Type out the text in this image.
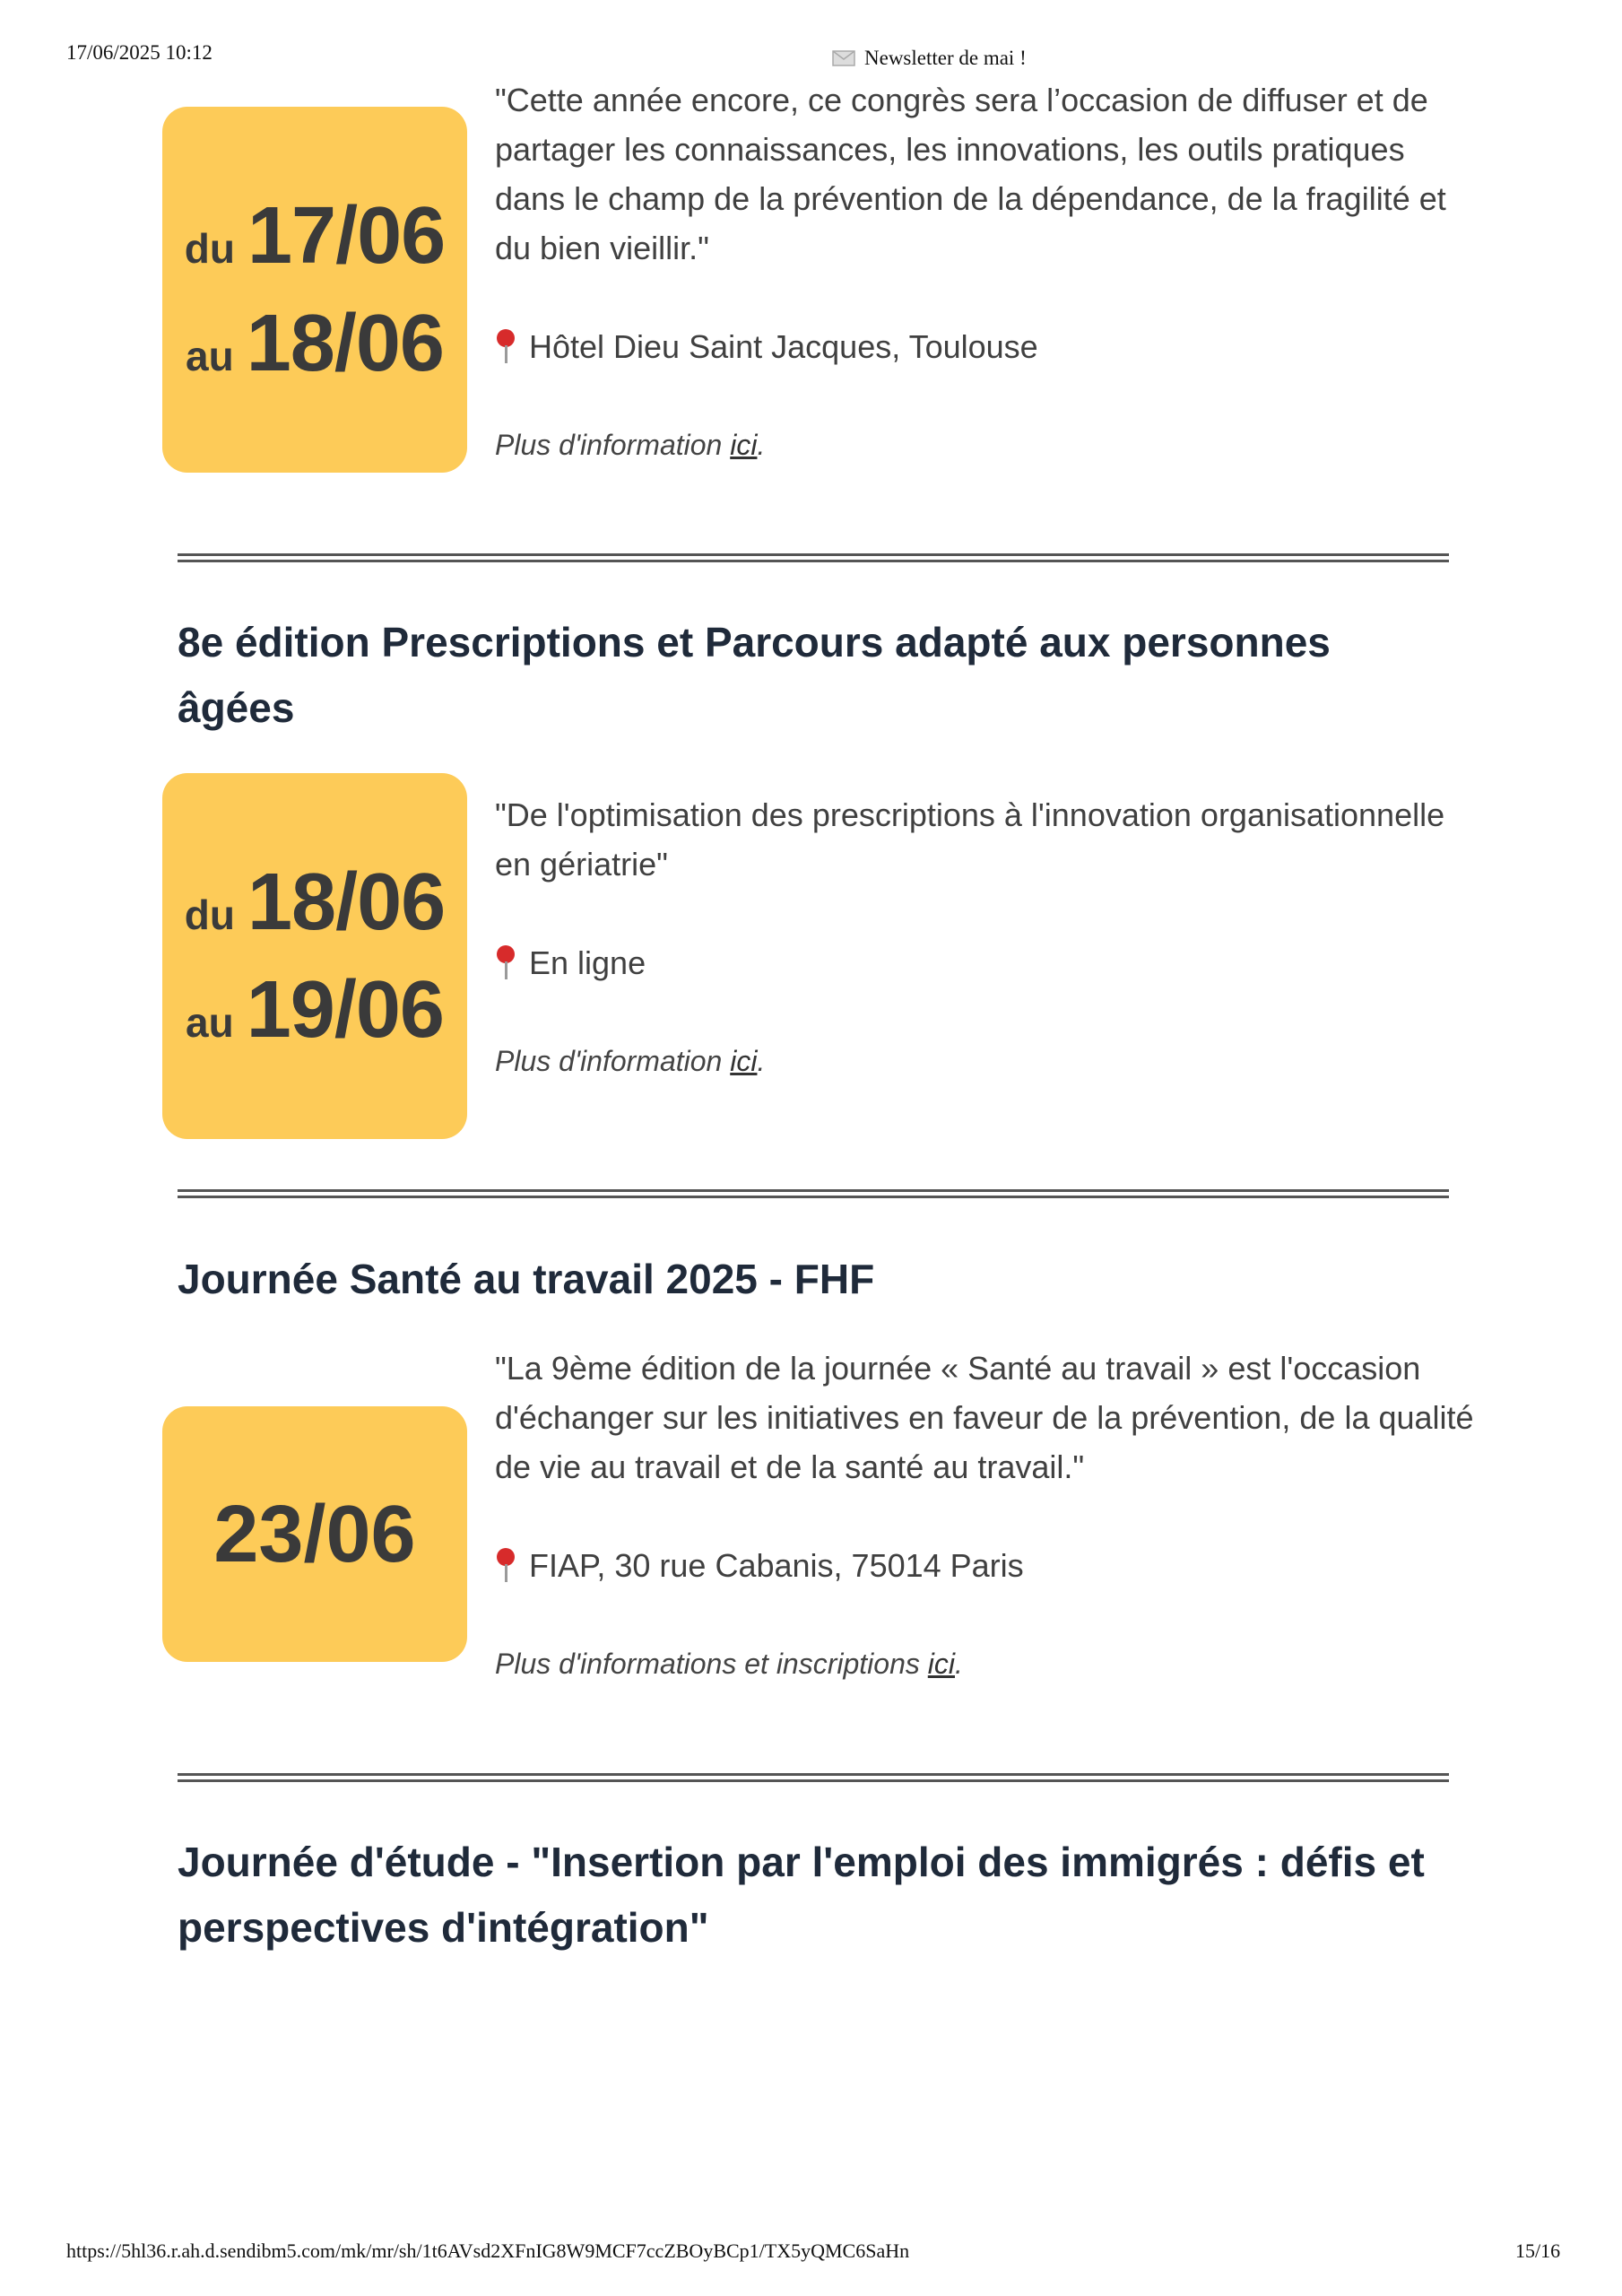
17/06/2025 10:12	Newsletter de mai !
du 17/06
au 18/06
"Cette année encore, ce congrès sera l’occasion de diffuser et de partager les connaissances, les innovations, les outils pratiques dans le champ de la prévention de la dépendance, de la fragilité et du bien vieillir."
Hôtel Dieu Saint Jacques, Toulouse
Plus d'information ici.
8e édition Prescriptions et Parcours adapté aux personnes âgées
du 18/06
au 19/06
"De l'optimisation des prescriptions à l'innovation organisationnelle en gériatrie"
En ligne
Plus d'information ici.
Journée Santé au travail 2025 - FHF
23/06
"La 9ème édition de la journée « Santé au travail » est l'occasion d'échanger sur les initiatives en faveur de la prévention, de la qualité de vie au travail et de la santé au travail."
FIAP, 30 rue Cabanis, 75014 Paris
Plus d'informations et inscriptions ici.
Journée d'étude - "Insertion par l'emploi des immigrés : défis et perspectives d'intégration"
https://5hl36.r.ah.d.sendibm5.com/mk/mr/sh/1t6AVsd2XFnIG8W9MCF7ccZBOyBCp1/TX5yQMC6SaHn	15/16
